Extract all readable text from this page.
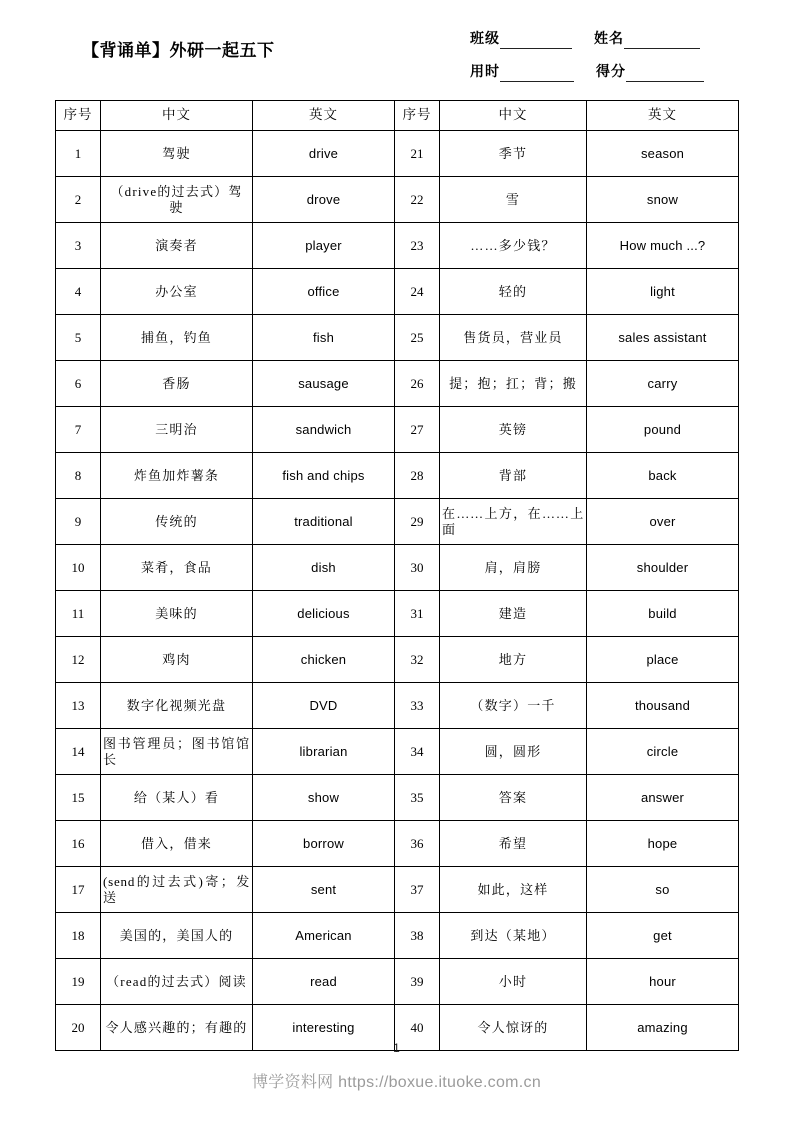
【背诵单】外研一起五下
班级	姓名
用时	得分
序号	中文	英文	序号	中文	英文
1	驾驶	drive	21	季节	season
2	（drive的过去式）驾驶	drove	22	雪	snow
3	演奏者	player	23	……多少钱？	How much ...?
4	办公室	office	24	轻的	light
5	捕鱼，钓鱼	fish	25	售货员，营业员	sales assistant
6	香肠	sausage	26	提；抱；扛；背；搬	carry
7	三明治	sandwich	27	英镑	pound
8	炸鱼加炸薯条	fish and chips	28	背部	back
9	传统的	traditional	29	在……上方，在……上面	over
10	菜肴，食品	dish	30	肩，肩膀	shoulder
11	美味的	delicious	31	建造	build
12	鸡肉	chicken	32	地方	place
13	数字化视频光盘	DVD	33	（数字）一千	thousand
14	图书管理员；图书馆馆长	librarian	34	圆，圆形	circle
15	给（某人）看	show	35	答案	answer
16	借入，借来	borrow	36	希望	hope
17	(send的过去式)寄；发送	sent	37	如此，这样	so
18	美国的，美国人的	American	38	到达（某地）	get
19	（read的过去式）阅读	read	39	小时	hour
20	令人感兴趣的；有趣的	interesting	40	令人惊讶的	amazing
1
博学资料网 https://boxue.ituoke.com.cn
